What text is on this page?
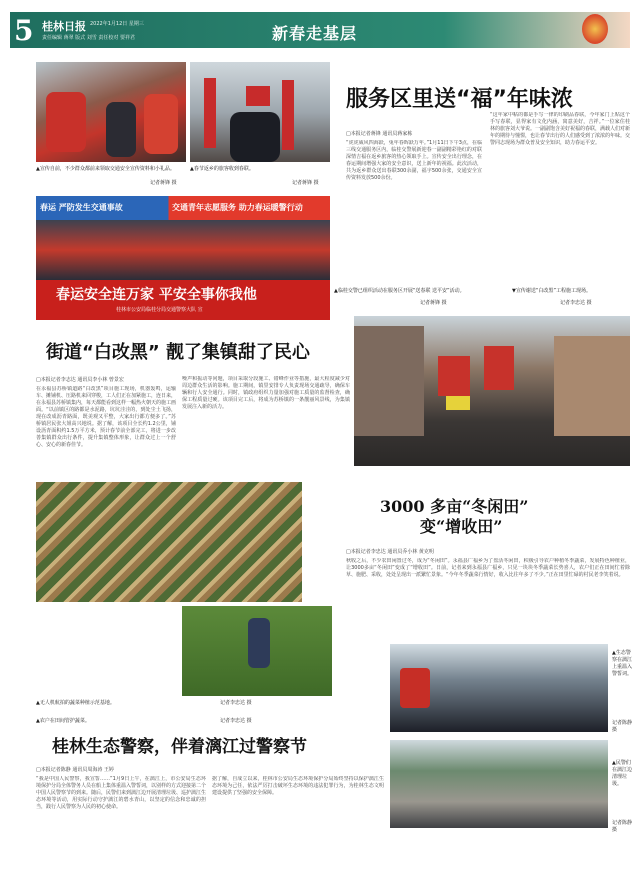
5 桂林日报 2022年1月12日 星期三
责任编辑 蒋翠 版式 刘雪 责任校对 要祥君	新春走基层
▲宣传自前，不少群众都前来领取交通安全宣传资料和小礼品。
记者蒋锋 摄
▲春节返乡的旅客收到春联。
记者蒋锋 摄
服务区里送“福”年味浓
春运 严防发生交通事故	交通青年志愿服务 助力春运暖警行动
春运安全连万家 平安全事你我他
桂林市公安局临桂分局交通警察大队 宣
□本报记者蒋锋 通讯员蒋家栋
“虎虎威风四海跃，兔年春晖跃万年。”1月11日下午3点，在临三线交通服务区内，临桂交警展新迎春一副副精彩艳红的对联深情吉福在返乡旅客的热心领取手上。宣传安全出行理念，在春运期间增强大家的安全意识，送上新年的祝福。此次活动，共为返乡群众送出春联300余副，福字500余张，交通安全宣传资料发放500余份。
“这年家中粘的都是手写一律的印刷品春联，今年家门上贴这个手写春联，显得家有文化内涵，寓意美好，吉祥。”一位家住桂林的旅客刘大爷说。一副副饱含美好祝福的春联，满载人们对新年的期待与憧憬，也让春节出行的人们感受到了浓浓的年味。交警同志现场为群众普及安全知识，助力春运平安。
▲临桂交警已组织活动在服务区开展“送春联 送平安”活动。
记者蒋锋 摄
▼宣传谢送“白改黑”工程施工现场。
记者李忠达 摄
街道“白改黑” 靓了集镇甜了民心
□本报记者李志达 通讯员李小林 曾景宏
在永福县苏桥镇道路“白改黑”项目施工现场，机器轰鸣，运输车、摊铺机、压路机来回穿梭，工人们正在加紧施工，连日来，在永福县苏桥镇集内，每天都能看到这样一幅热火朝天的施工画面。“以前镇区的路都是水泥路，坑坑洼洼的，到处尘土飞扬，现在改成沥青路面，既美观又平整，大家出行都方便多了。”苏桥镇居民张大姐高兴地说。据了解，该项目全长约1.2公里，铺设沥青面积约1.5万平方米，预计春节前全部完工，将进一步改善集镇群众出行条件，提升集镇整体形象，让群众过上一个舒心、安心的新春佳节。
噪声和振动等问题，项目采取分段施工、错峰作业等措施，最大程度减少对周边群众生活的影响。施工期间，镇里安排专人负责现场交通疏导，确保车辆和行人安全通行。同时，镇政府组织力量加强对施工质量的监督检查，确保工程质量过硬。该项目完工后，将成为苏桥镇的一条靓丽风景线，为集镇发展注入新的活力。
▲无人机航拍的蔬菜种植示范基地。	记者李忠达 摄
▲农户在田间管护蔬菜。	记者李忠达 摄
3000 多亩“冬闲田”
变“增收田”
□本报记者李忠达 通讯员乔小林 黄克明
秋收之后，不少农田闲置过冬，成为“冬闲田”。永福县广福乡为了盘活冬闲田，积极引导农户种植冬季蔬菜，发展特色种植业，让3000多亩“冬闲田”变成了“增收田”。日前，记者来到永福县广福乡，只见一块块冬季蔬菜长势喜人，农户们正在田间忙着除草、施肥、采收，处处呈现出一派繁忙景象。“今年冬季蔬菜行情好，收入比往年多了不少。”正在田里忙碌的村民老李笑着说。
▲生态警察在漓江上重温入警誓词。
记者陈静 摄
▲民警们在漓江边清理垃圾。
记者陈静 摄
桂林生态警察，伴着漓江过警察节
□本报记者陈静 通讯员周海涛 王婷
“我是中国人民警察，我宣誓……”1月9日上午，在漓江上，市公安局生态环境保护分局全体警务人员在船上集体重温入警誓词，以别样的方式迎接第二个中国人民警察节的到来。随后，民警们来到漓江边开展清理垃圾、巡护漓江生态环境等活动，用实际行动守护漓江的碧水青山，以坚定的信念和忠诚的担当，践行人民警察为人民的初心使命。
据了解，自成立以来，桂林市公安局生态环境保护分局始终坚持以保护漓江生态环境为己任，依法严厉打击破坏生态环境的违法犯罪行为，为桂林生态文明建设提供了坚强的安全保障。
